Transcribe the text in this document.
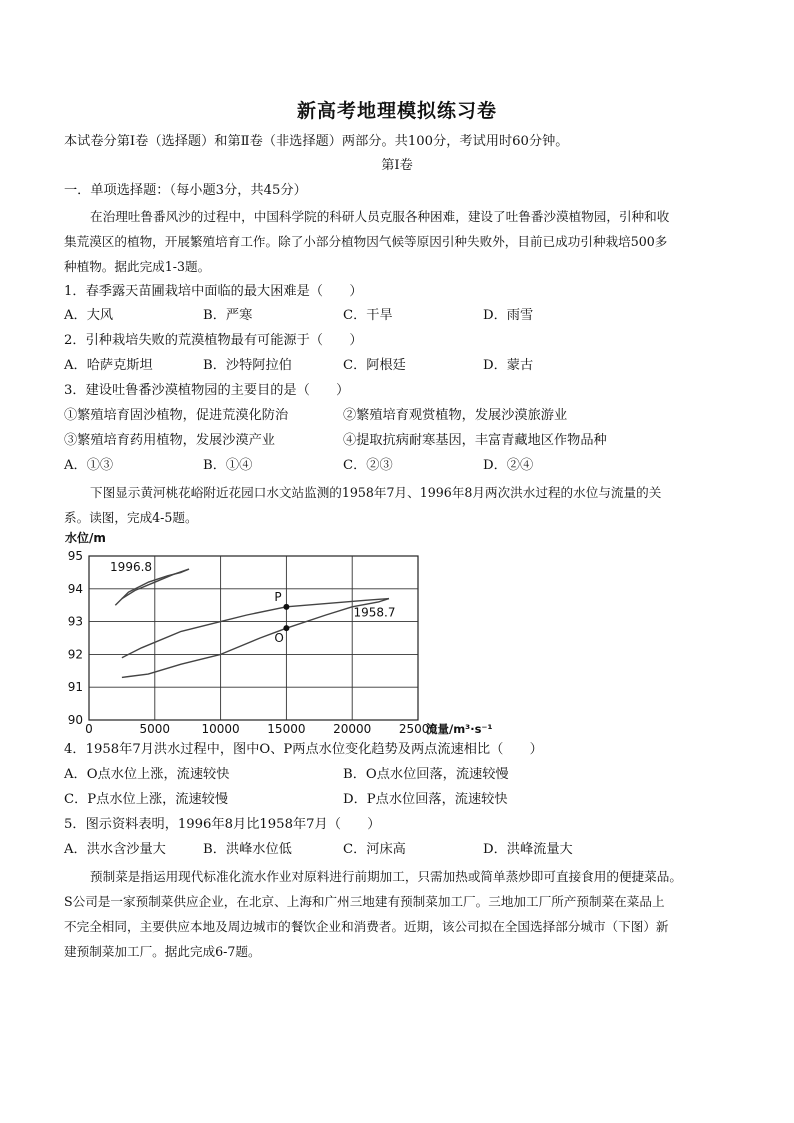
新高考地理模拟练习卷
本试卷分第Ⅰ卷（选择题）和第Ⅱ卷（非选择题）两部分。共100分，考试用时60分钟。
第Ⅰ卷
一．单项选择题：（每小题3分，共45分）
在治理吐鲁番风沙的过程中，中国科学院的科研人员克服各种困难，建设了吐鲁番沙漠植物园，引种和收
集荒漠区的植物，开展繁殖培育工作。除了小部分植物因气候等原因引种失败外，目前已成功引种栽培500多
种植物。据此完成1-3题。
1．春季露天苗圃栽培中面临的最大困难是（　　）
A．大风	B．严寒	C．干旱	D．雨雪
2．引种栽培失败的荒漠植物最有可能源于（　　）
A．哈萨克斯坦	B．沙特阿拉伯	C．阿根廷	D．蒙古
3．建设吐鲁番沙漠植物园的主要目的是（　　）
①繁殖培育固沙植物，促进荒漠化防治	②繁殖培育观赏植物，发展沙漠旅游业
③繁殖培育药用植物，发展沙漠产业	④提取抗病耐寒基因，丰富青藏地区作物品种
A．①③	B．①④	C．②③	D．②④
下图显示黄河桃花峪附近花园口水文站监测的1958年7月、1996年8月两次洪水过程的水位与流量的关
系。读图，完成4-5题。
0	5000	10000 15000 20000 25000
90
91
92
93
94
95
水位/m
流量/m³·s⁻¹
1958.7
1996.8
P
O
4．1958年7月洪水过程中，图中O、P两点水位变化趋势及两点流速相比（　　）
A．O点水位上涨，流速较快	B．O点水位回落，流速较慢
C．P点水位上涨，流速较慢	D．P点水位回落，流速较快
5．图示资料表明，1996年8月比1958年7月（　　）
A．洪水含沙量大	B．洪峰水位低	C．河床高	D．洪峰流量大
预制菜是指运用现代标准化流水作业对原料进行前期加工，只需加热或简单蒸炒即可直接食用的便捷菜品。
S公司是一家预制菜供应企业，在北京、上海和广州三地建有预制菜加工厂。三地加工厂所产预制菜在菜品上
不完全相同，主要供应本地及周边城市的餐饮企业和消费者。近期，该公司拟在全国选择部分城市（下图）新
建预制菜加工厂。据此完成6-7题。
